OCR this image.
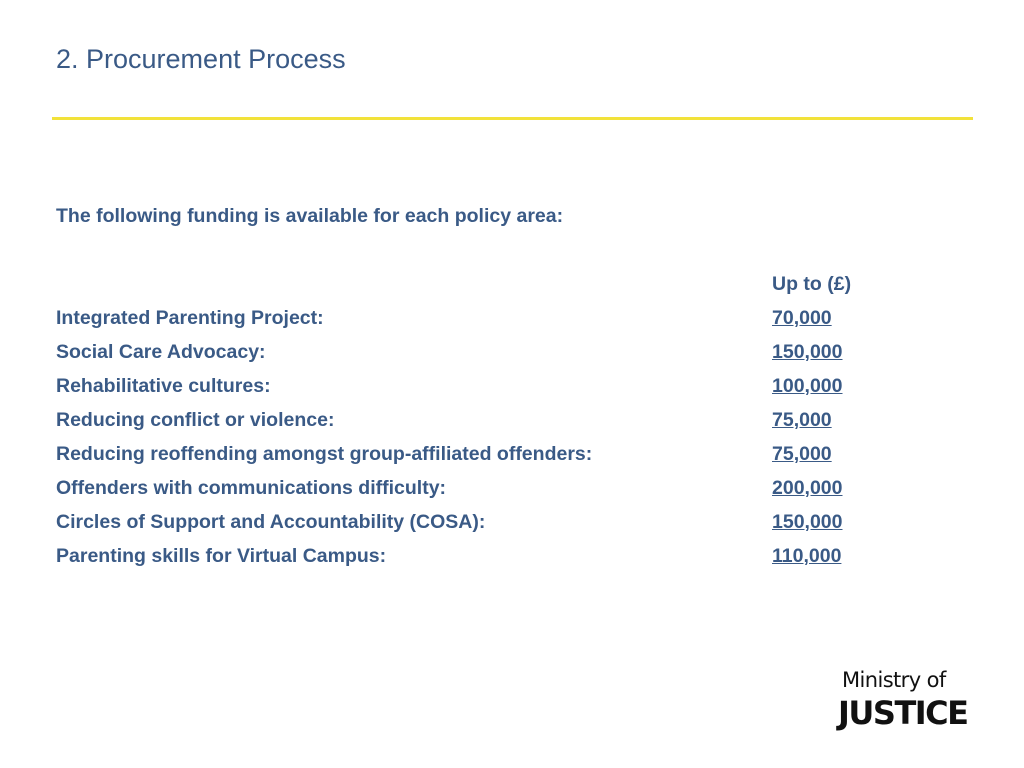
2. Procurement Process
The following funding is available for each policy area:
Up to (£)
Integrated Parenting Project:	70,000
Social Care Advocacy:	150,000
Rehabilitative cultures:	100,000
Reducing conflict or violence:	75,000
Reducing reoffending amongst group-affiliated offenders:	75,000
Offenders with communications difficulty:	200,000
Circles of Support and Accountability (COSA):	150,000
Parenting skills for Virtual Campus:	110,000
Ministry of
JUSTICE
